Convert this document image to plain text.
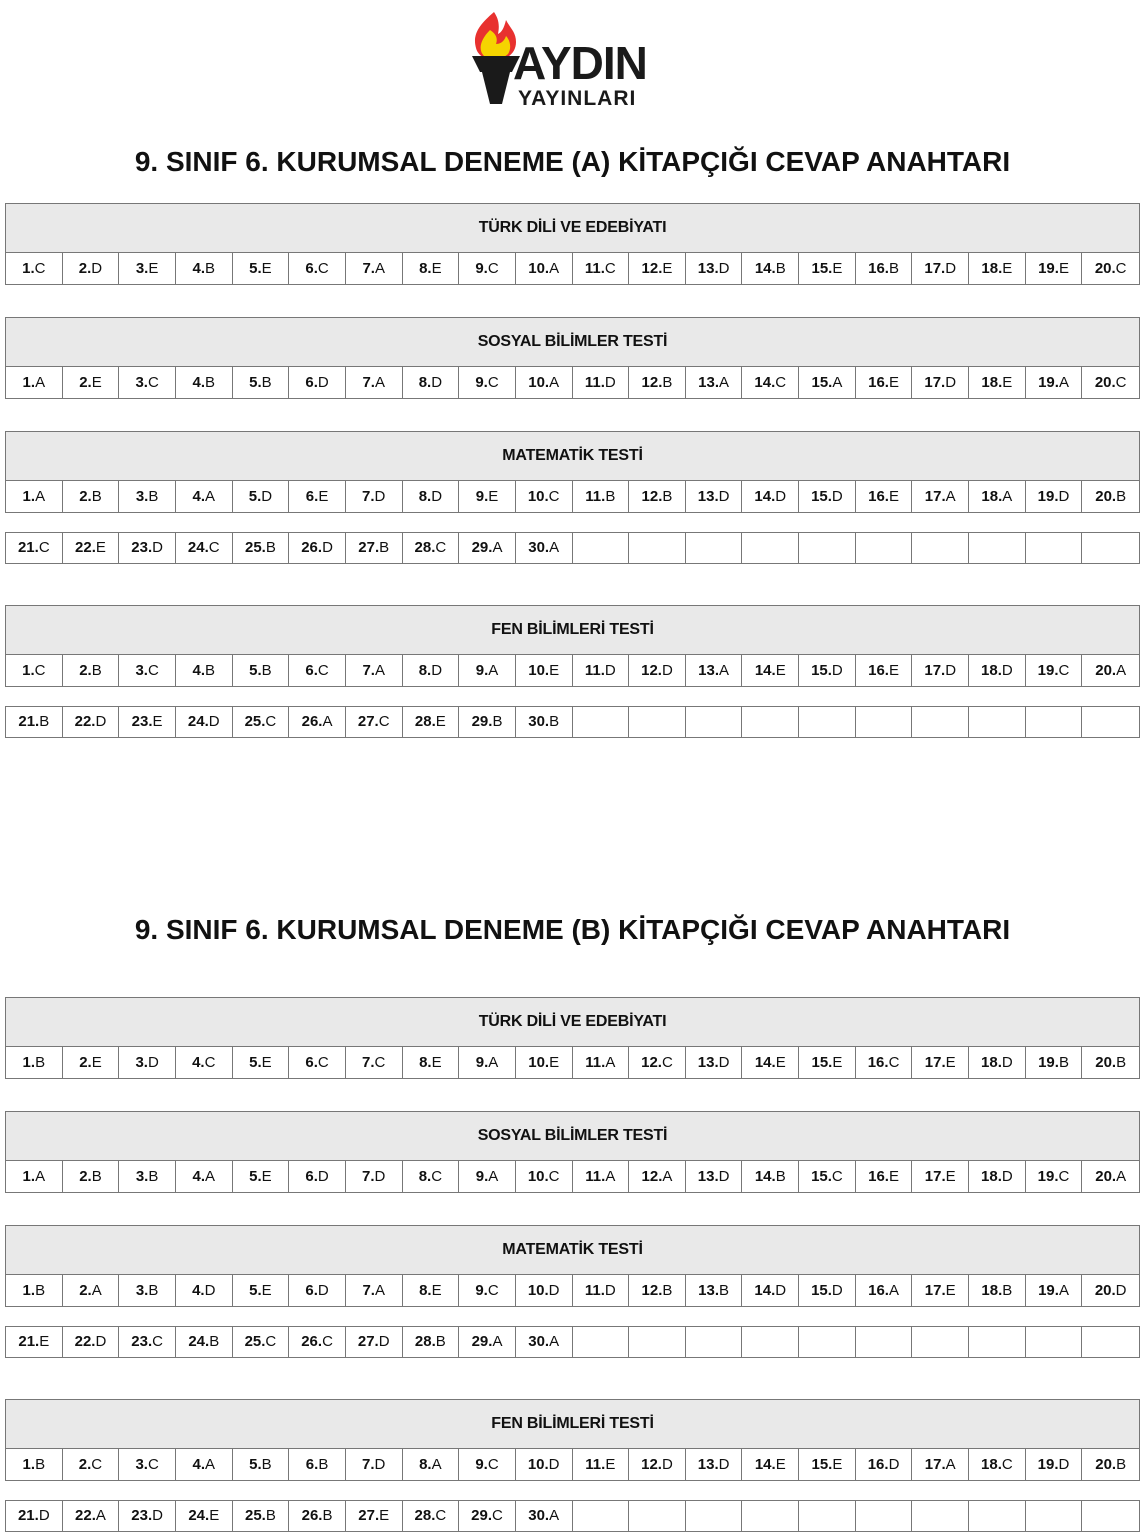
AYDIN
YAYINLARI
9. SINIF 6. KURUMSAL DENEME (A) KİTAPÇIĞI CEVAP ANAHTARI
TÜRK DİLİ VE EDEBİYATI
1. C 2. D 3. E 4. B 5. E 6. C 7. A 8. E 9. C 10. A 11. C 12. E 13. D 14. B 15. E 16. B 17. D 18. E 19. E 20. C
SOSYAL BİLİMLER TESTİ
1. A 2. E 3. C 4. B 5. B 6. D 7. A 8. D 9. C 10. A 11. D 12. B 13. A 14. C 15. A 16. E 17. D 18. E 19. A 20. C
MATEMATİK TESTİ
1. A 2. B 3. B 4. A 5. D 6. E 7. D 8. D 9. E 10. C 11. B 12. B 13. D 14. D 15. D 16. E 17. A 18. A 19. D 20. B
21. C 22. E 23. D 24. C 25. B 26. D 27. B 28. C 29. A 30. A
FEN BİLİMLERİ TESTİ
1. C 2. B 3. C 4. B 5. B 6. C 7. A 8. D 9. A 10. E 11. D 12. D 13. A 14. E 15. D 16. E 17. D 18. D 19. C 20. A
21. B 22. D 23. E 24. D 25. C 26. A 27. C 28. E 29. B 30. B
9. SINIF 6. KURUMSAL DENEME (B) KİTAPÇIĞI CEVAP ANAHTARI
TÜRK DİLİ VE EDEBİYATI
1. B 2. E 3. D 4. C 5. E 6. C 7. C 8. E 9. A 10. E 11. A 12. C 13. D 14. E 15. E 16. C 17. E 18. D 19. B 20. B
SOSYAL BİLİMLER TESTİ
1. A 2. B 3. B 4. A 5. E 6. D 7. D 8. C 9. A 10. C 11. A 12. A 13. D 14. B 15. C 16. E 17. E 18. D 19. C 20. A
MATEMATİK TESTİ
1. B 2. A 3. B 4. D 5. E 6. D 7. A 8. E 9. C 10. D 11. D 12. B 13. B 14. D 15. D 16. A 17. E 18. B 19. A 20. D
21. E 22. D 23. C 24. B 25. C 26. C 27. D 28. B 29. A 30. A
FEN BİLİMLERİ TESTİ
1. B 2. C 3. C 4. A 5. B 6. B 7. D 8. A 9. C 10. D 11. E 12. D 13. D 14. E 15. E 16. D 17. A 18. C 19. D 20. B
21. D 22. A 23. D 24. E 25. B 26. B 27. E 28. C 29. C 30. A
